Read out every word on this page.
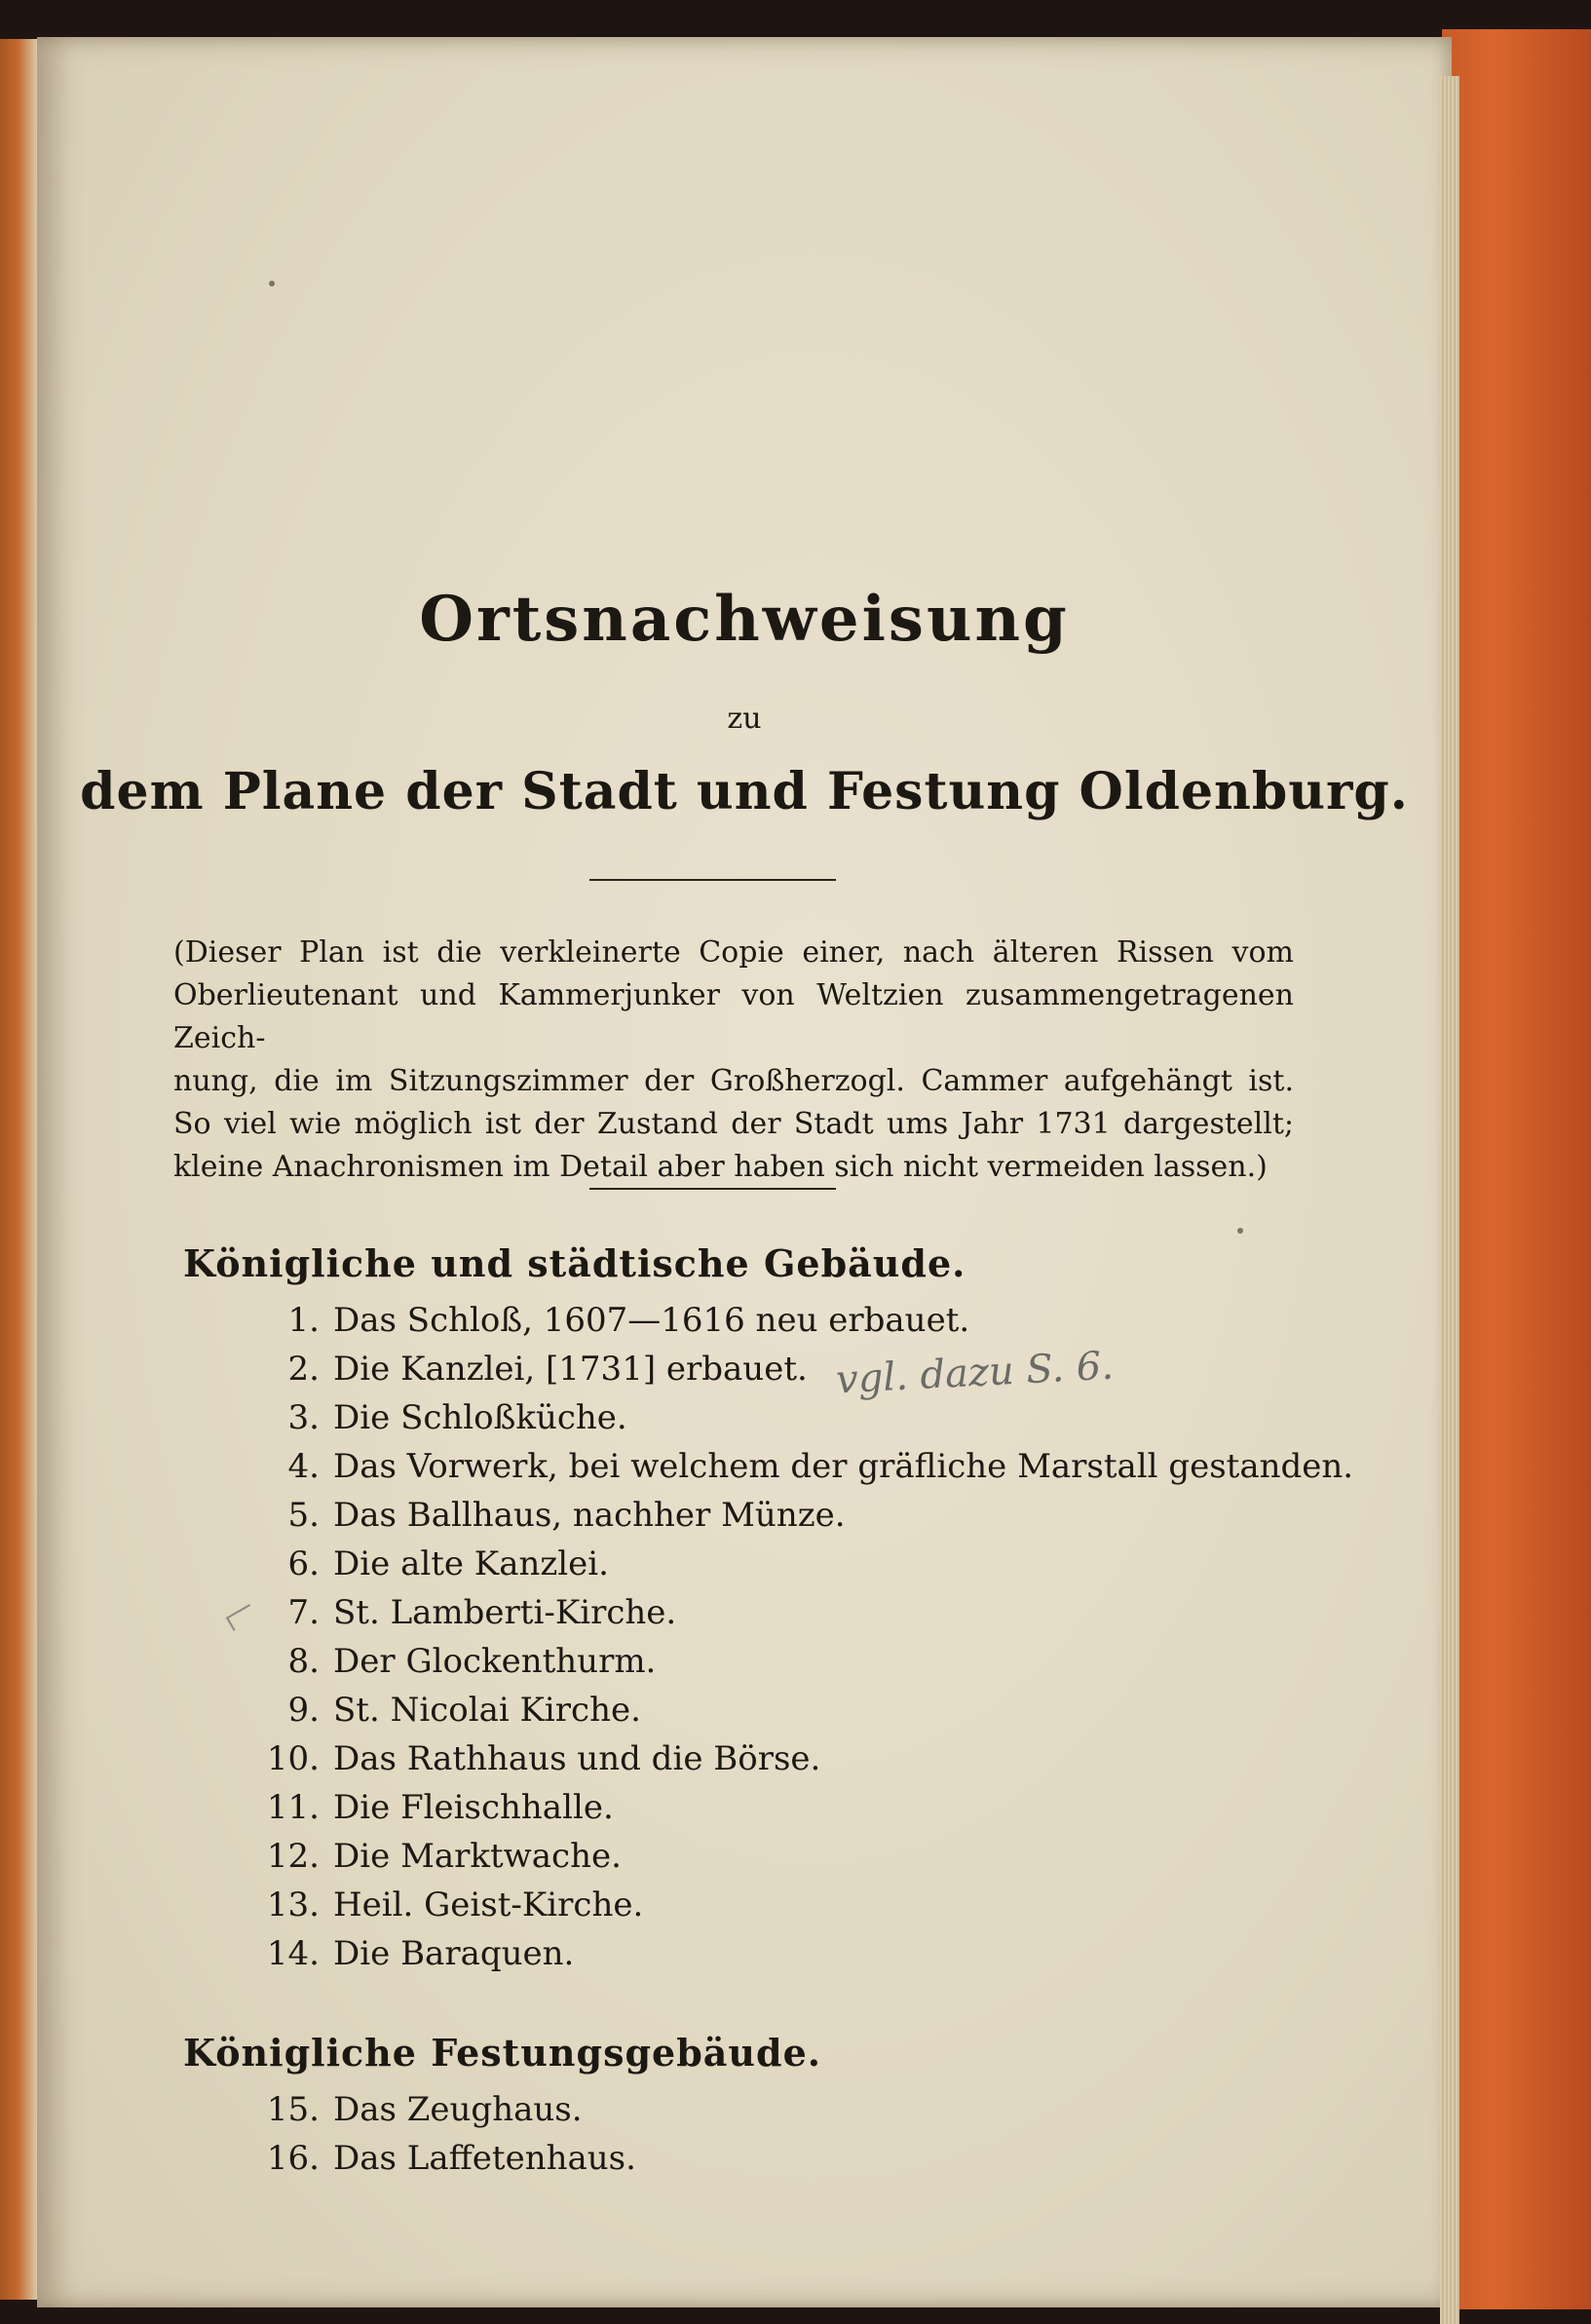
Ortsnachweisung
zu
dem Plane der Stadt und Festung Oldenburg.
(Dieser Plan ist die verkleinerte Copie einer, nach älteren Rissen vom
Oberlieutenant und Kammerjunker von Weltzien zusammengetragenen Zeich-
nung, die im Sitzungszimmer der Großherzogl. Cammer aufgehängt ist.
So viel wie möglich ist der Zustand der Stadt ums Jahr 1731 dargestellt;
kleine Anachronismen im Detail aber haben sich nicht vermeiden lassen.)
Königliche und städtische Gebäude.
1. Das Schloß, 1607—1616 neu erbauet.
2. Die Kanzlei, [1731] erbauet.
3. Die Schloßküche.
4. Das Vorwerk, bei welchem der gräfliche Marstall gestanden.
5. Das Ballhaus, nachher Münze.
6. Die alte Kanzlei.
7. St. Lamberti-Kirche.
8. Der Glockenthurm.
9. St. Nicolai Kirche.
10. Das Rathhaus und die Börse.
11. Die Fleischhalle.
12. Die Marktwache.
13. Heil. Geist-Kirche.
14. Die Baraquen.
Königliche Festungsgebäude.
15. Das Zeughaus.
16. Das Laffetenhaus.
vgl. dazu S. 6.
